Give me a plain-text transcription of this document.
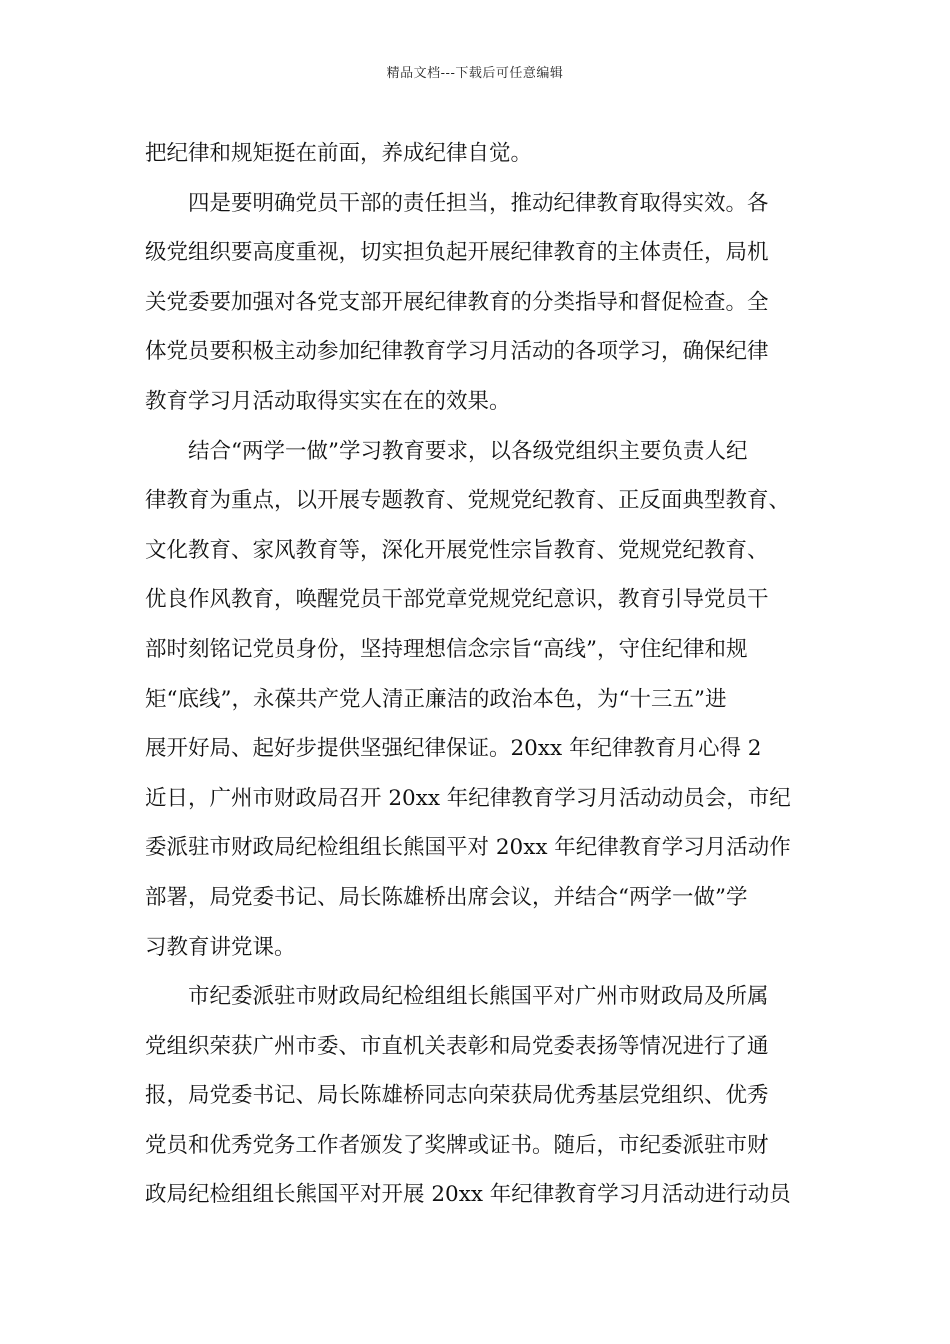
精品文档---下载后可任意编辑
把纪律和规矩挺在前面，养成纪律自觉。
四是要明确党员干部的责任担当，推动纪律教育取得实效。各
级党组织要高度重视，切实担负起开展纪律教育的主体责任，局机
关党委要加强对各党支部开展纪律教育的分类指导和督促检查。全
体党员要积极主动参加纪律教育学习月活动的各项学习，确保纪律
教育学习月活动取得实实在在的效果。
结合“两学一做”学习教育要求，以各级党组织主要负责人纪
律教育为重点，以开展专题教育、党规党纪教育、正反面典型教育、
文化教育、家风教育等，深化开展党性宗旨教育、党规党纪教育、
优良作风教育，唤醒党员干部党章党规党纪意识，教育引导党员干
部时刻铭记党员身份，坚持理想信念宗旨“高线”，守住纪律和规
矩“底线”，永葆共产党人清正廉洁的政治本色，为“十三五”进
展开好局、起好步提供坚强纪律保证。20xx 年纪律教育月心得 2
近日，广州市财政局召开 20xx 年纪律教育学习月活动动员会，市纪
委派驻市财政局纪检组组长熊国平对 20xx 年纪律教育学习月活动作
部署，局党委书记、局长陈雄桥出席会议，并结合“两学一做”学
习教育讲党课。
市纪委派驻市财政局纪检组组长熊国平对广州市财政局及所属
党组织荣获广州市委、市直机关表彰和局党委表扬等情况进行了通
报，局党委书记、局长陈雄桥同志向荣获局优秀基层党组织、优秀
党员和优秀党务工作者颁发了奖牌或证书。随后，市纪委派驻市财
政局纪检组组长熊国平对开展 20xx 年纪律教育学习月活动进行动员
